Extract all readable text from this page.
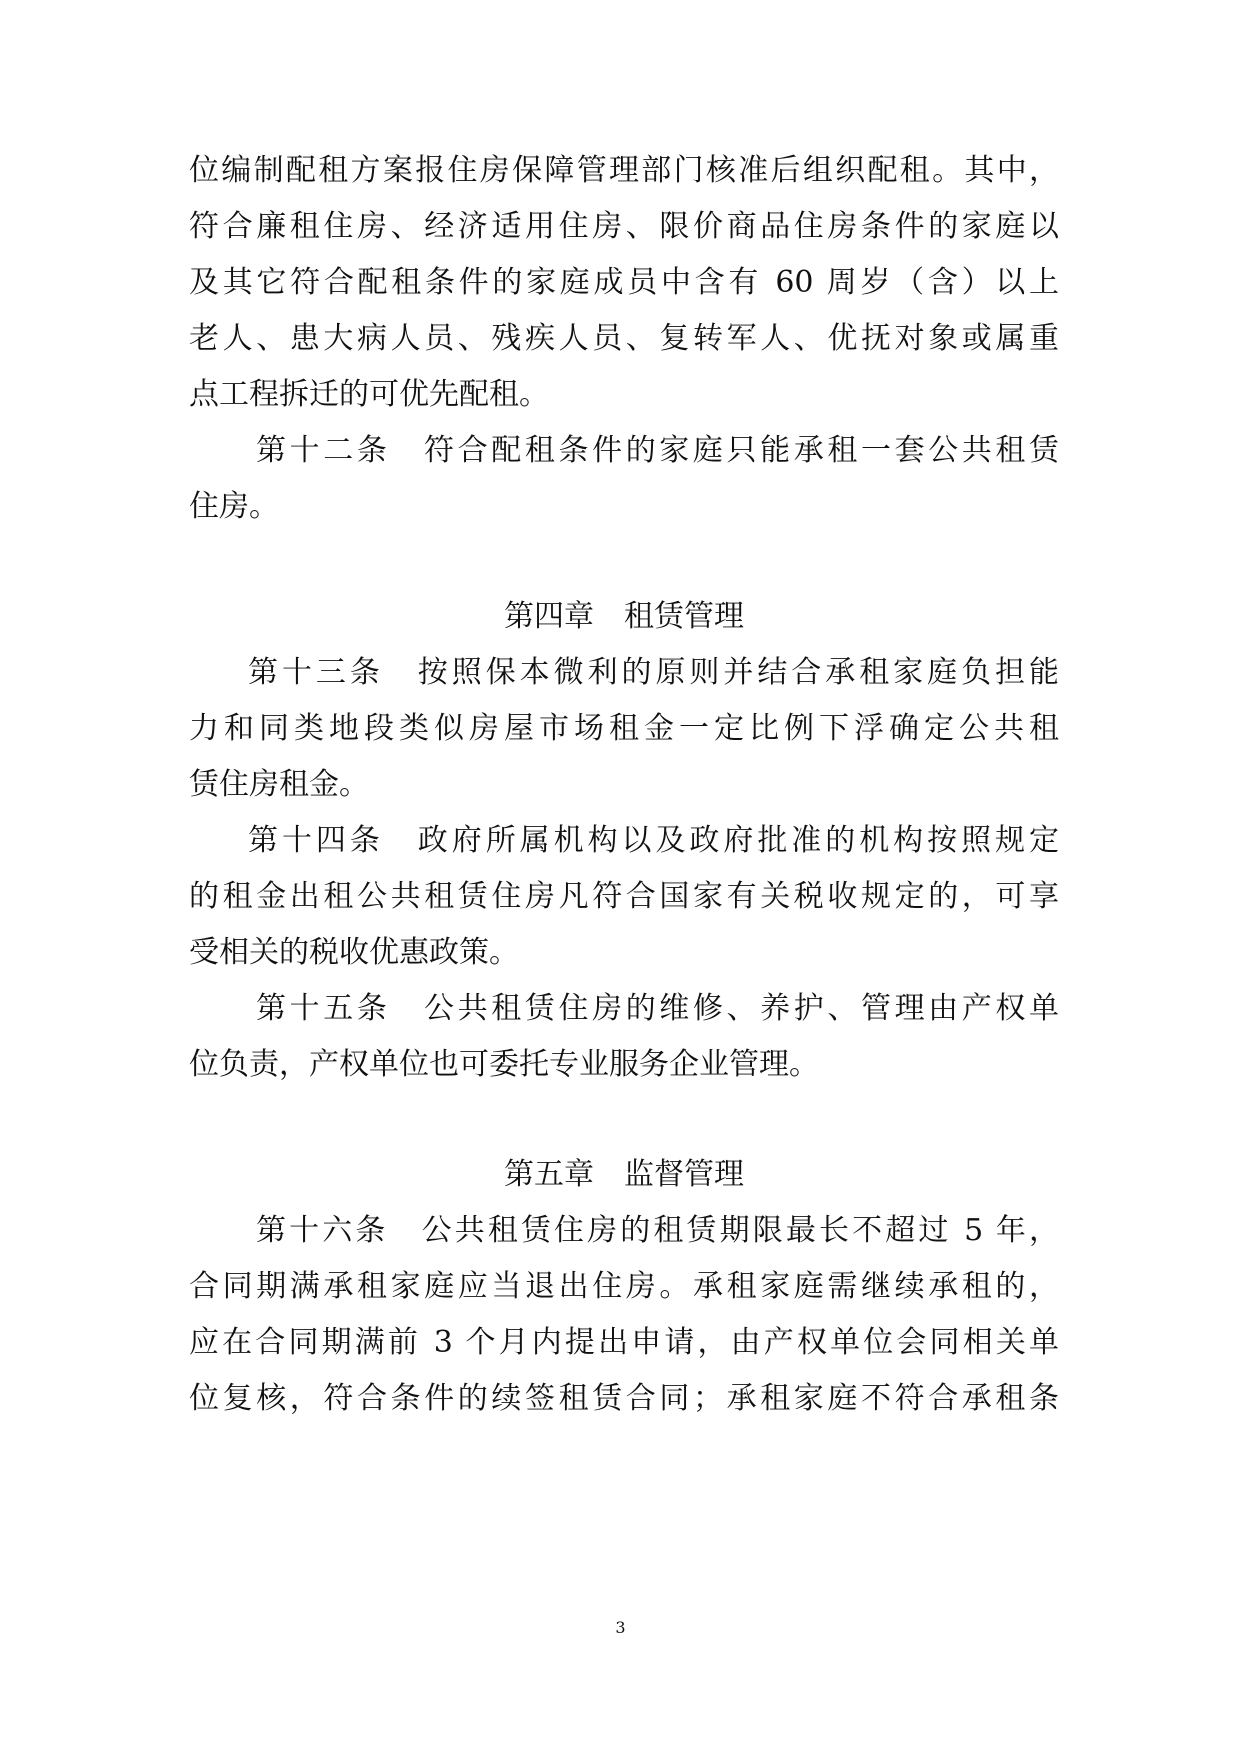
位编制配租方案报住房保障管理部门核准后组织配租。其中，
符合廉租住房、经济适用住房、限价商品住房条件的家庭以
及其它符合配租条件的家庭成员中含有 60 周岁（含）以上
老人、患大病人员、残疾人员、复转军人、优抚对象或属重
点工程拆迁的可优先配租。
第十二条　符合配租条件的家庭只能承租一套公共租赁
住房。
第四章　租赁管理
第十三条　按照保本微利的原则并结合承租家庭负担能
力和同类地段类似房屋市场租金一定比例下浮确定公共租
赁住房租金。
第十四条　政府所属机构以及政府批准的机构按照规定
的租金出租公共租赁住房凡符合国家有关税收规定的，可享
受相关的税收优惠政策。
第十五条　公共租赁住房的维修、养护、管理由产权单
位负责，产权单位也可委托专业服务企业管理。
第五章　监督管理
第十六条　公共租赁住房的租赁期限最长不超过 5 年，
合同期满承租家庭应当退出住房。承租家庭需继续承租的，
应在合同期满前 3 个月内提出申请，由产权单位会同相关单
位复核，符合条件的续签租赁合同；承租家庭不符合承租条
3
